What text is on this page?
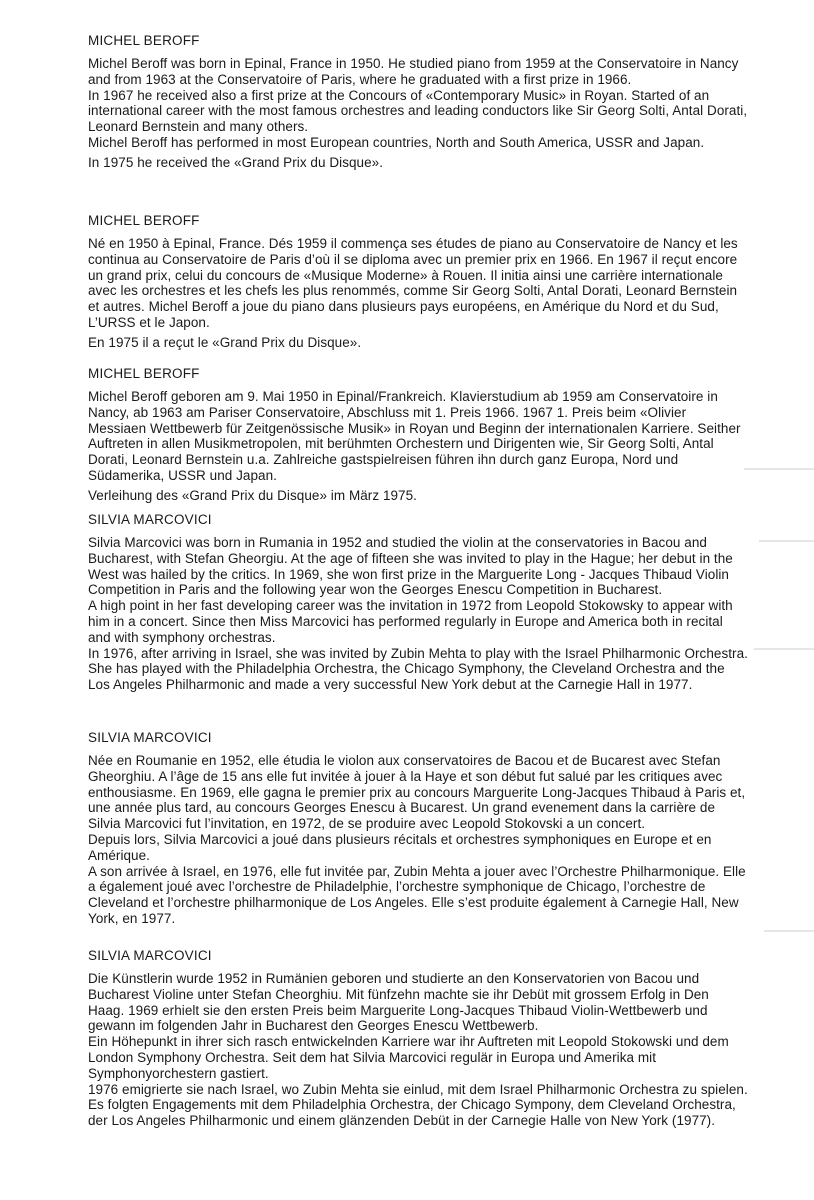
MICHEL BEROFF

Michel Beroff was born in Epinal, France in 1950. He studied piano from 1959 at the Conservatoire in Nancy and from 1963 at the Conservatoire of Paris, where he graduated with a first prize in 1966.

In 1967 he received also a first prize at the Concours of «Contemporary Music» in Royan. Started of an international career with the most famous orchestres and leading conductors like Sir Georg Solti, Antal Dorati, Leonard Bernstein and many others.

Michel Beroff has performed in most European countries, North and South America, USSR and Japan.

In 1975 he received the «Grand Prix du Disque».

MICHEL BEROFF

Né en 1950 à Epinal, France. Dés 1959 il commença ses études de piano au Conservatoire de Nancy et les continua au Conservatoire de Paris d’où il se diploma avec un premier prix en 1966. En 1967 il reçut encore un grand prix, celui du concours de «Musique Moderne» à Rouen. Il initia ainsi une carrière internationale avec les orchestres et les chefs les plus renommés, comme Sir Georg Solti, Antal Dorati, Leonard Bernstein et autres. Michel Beroff a joue du piano dans plusieurs pays européens, en Amérique du Nord et du Sud, L’URSS et le Japon.

En 1975 il a reçut le «Grand Prix du Disque».

MICHEL BEROFF

Michel Beroff geboren am 9. Mai 1950 in Epinal/Frankreich. Klavierstudium ab 1959 am Conservatoire in Nancy, ab 1963 am Pariser Conservatoire, Abschluss mit 1. Preis 1966. 1967 1. Preis beim «Olivier Messiaen Wettbewerb für Zeitgenössische Musik» in Royan und Beginn der internationalen Karriere. Seither Auftreten in allen Musikmetropolen, mit berühmten Orchestern und Dirigenten wie, Sir Georg Solti, Antal Dorati, Leonard Bernstein u.a. Zahlreiche gastspielreisen führen ihn durch ganz Europa, Nord und Südamerika, USSR und Japan.

Verleihung des «Grand Prix du Disque» im März 1975.

SILVIA MARCOVICI

Silvia Marcovici was born in Rumania in 1952 and studied the violin at the conservatories in Bacou and Bucharest, with Stefan Gheorgiu. At the age of fifteen she was invited to play in the Hague; her debut in the West was hailed by the critics. In 1969, she won first prize in the Marguerite Long - Jacques Thibaud Violin Competition in Paris and the following year won the Georges Enescu Competition in Bucharest.

A high point in her fast developing career was the invitation in 1972 from Leopold Stokowsky to appear with him in a concert. Since then Miss Marcovici has performed regularly in Europe and America both in recital and with symphony orchestras.

In 1976, after arriving in Israel, she was invited by Zubin Mehta to play with the Israel Philharmonic Orchestra. She has played with the Philadelphia Orchestra, the Chicago Symphony, the Cleveland Orchestra and the Los Angeles Philharmonic and made a very successful New York debut at the Carnegie Hall in 1977.

SILVIA MARCOVICI

Née en Roumanie en 1952, elle étudia le violon aux conservatoires de Bacou et de Bucarest avec Stefan Gheorghiu. A l’âge de 15 ans elle fut invitée à jouer à la Haye et son début fut salué par les critiques avec enthousiasme. En 1969, elle gagna le premier prix au concours Marguerite Long-Jacques Thibaud à Paris et, une année plus tard, au concours Georges Enescu à Bucarest. Un grand evenement dans la carrière de Silvia Marcovici fut l’invitation, en 1972, de se produire avec Leopold Stokovski a un concert.

Depuis lors, Silvia Marcovici a joué dans plusieurs récitals et orchestres symphoniques en Europe et en Amérique.

A son arrivée à Israel, en 1976, elle fut invitée par, Zubin Mehta a jouer avec l’Orchestre Philharmonique. Elle a également joué avec l’orchestre de Philadelphie, l’orchestre symphonique de Chicago, l’orchestre de Cleveland et l’orchestre philharmonique de Los Angeles. Elle s’est produite également à Carnegie Hall, New York, en 1977.

SILVIA MARCOVICI

Die Künstlerin wurde 1952 in Rumänien geboren und studierte an den Konservatorien von Bacou und Bucharest Violine unter Stefan Cheorghiu. Mit fünfzehn machte sie ihr Debüt mit grossem Erfolg in Den Haag. 1969 erhielt sie den ersten Preis beim Marguerite Long-Jacques Thibaud Violin-Wettbewerb und gewann im folgenden Jahr in Bucharest den Georges Enescu Wettbewerb.

Ein Höhepunkt in ihrer sich rasch entwickelnden Karriere war ihr Auftreten mit Leopold Stokowski und dem London Symphony Orchestra. Seit dem hat Silvia Marcovici regulär in Europa und Amerika mit Symphonyorchestern gastiert.

1976 emigrierte sie nach Israel, wo Zubin Mehta sie einlud, mit dem Israel Philharmonic Orchestra zu spielen. Es folgten Engagements mit dem Philadelphia Orchestra, der Chicago Sympony, dem Cleveland Orchestra, der Los Angeles Philharmonic und einem glänzenden Debüt in der Carnegie Halle von New York (1977).
